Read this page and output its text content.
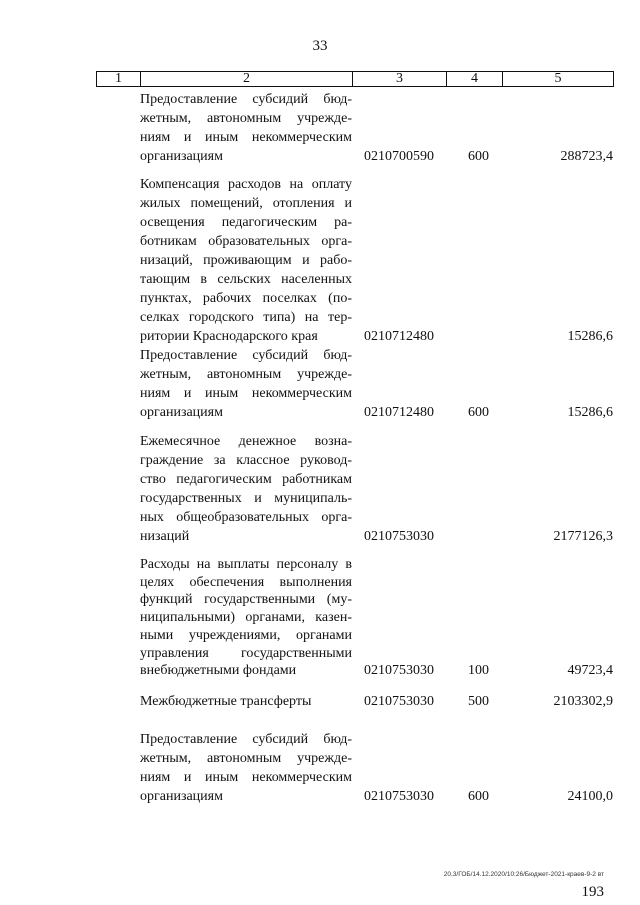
33
1	2	3	4	5
Предоставление субсидий бюд-
жетным, автономным учрежде-
ниям и иным некоммерческим
организациям	0210700590 600	288723,4
Компенсация расходов на оплату
жилых помещений, отопления и
освещения педагогическим ра-
ботникам образовательных орга-
низаций, проживающим и рабо-
тающим в сельских населенных
пунктах, рабочих поселках (по-
селках городского типа) на тер-
ритории Краснодарского края	0210712480	15286,6
Предоставление субсидий бюд-
жетным, автономным учрежде-
ниям и иным некоммерческим
организациям	0210712480 600	15286,6
Ежемесячное денежное возна-
граждение за классное руковод-
ство педагогическим работникам
государственных и муниципаль-
ных общеобразовательных орга-
низаций	0210753030	2177126,3
Расходы на выплаты персоналу в
целях обеспечения выполнения
функций государственными (му-
ниципальными) органами, казен-
ными учреждениями, органами
управления государственными
внебюджетными фондами	0210753030 100	49723,4
Межбюджетные трансферты	0210753030 500	2103302,9
Предоставление субсидий бюд-
жетным, автономным учрежде-
ниям и иным некоммерческим
организациям	0210753030 600	24100,0
20.3/ГОБ/14.12.2020/10:26/Бюджет-2021-краев-9-2 вт
193
